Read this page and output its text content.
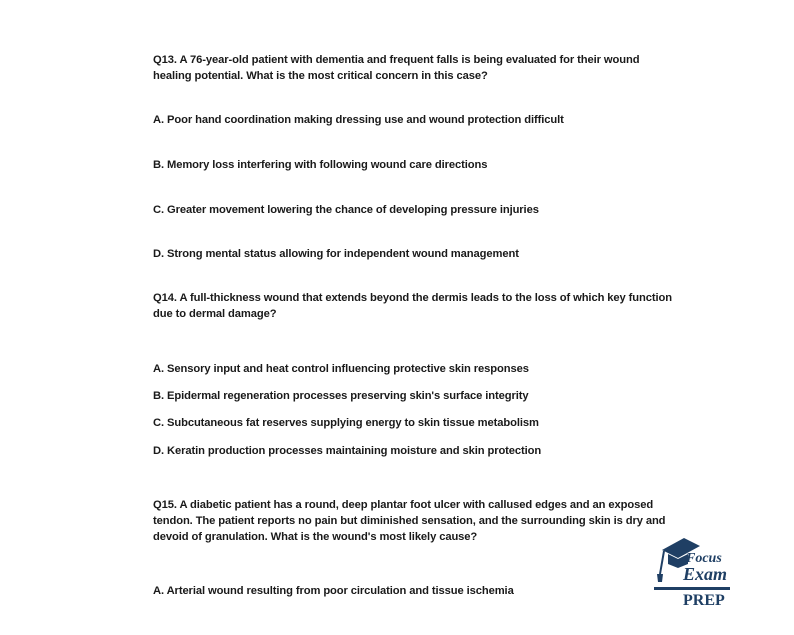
Q13. A 76-year-old patient with dementia and frequent falls is being evaluated for their wound healing potential. What is the most critical concern in this case?

A. Poor hand coordination making dressing use and wound protection difficult

B. Memory loss interfering with following wound care directions

C. Greater movement lowering the chance of developing pressure injuries

D. Strong mental status allowing for independent wound management

Q14. A full-thickness wound that extends beyond the dermis leads to the loss of which key function due to dermal damage?

A. Sensory input and heat control influencing protective skin responses

B. Epidermal regeneration processes preserving skin's surface integrity

C. Subcutaneous fat reserves supplying energy to skin tissue metabolism

D. Keratin production processes maintaining moisture and skin protection

Q15. A diabetic patient has a round, deep plantar foot ulcer with callused edges and an exposed tendon. The patient reports no pain but diminished sensation, and the surrounding skin is dry and devoid of granulation. What is the wound's most likely cause?

A. Arterial wound resulting from poor circulation and tissue ischemia

Focus
Exam
PREP
